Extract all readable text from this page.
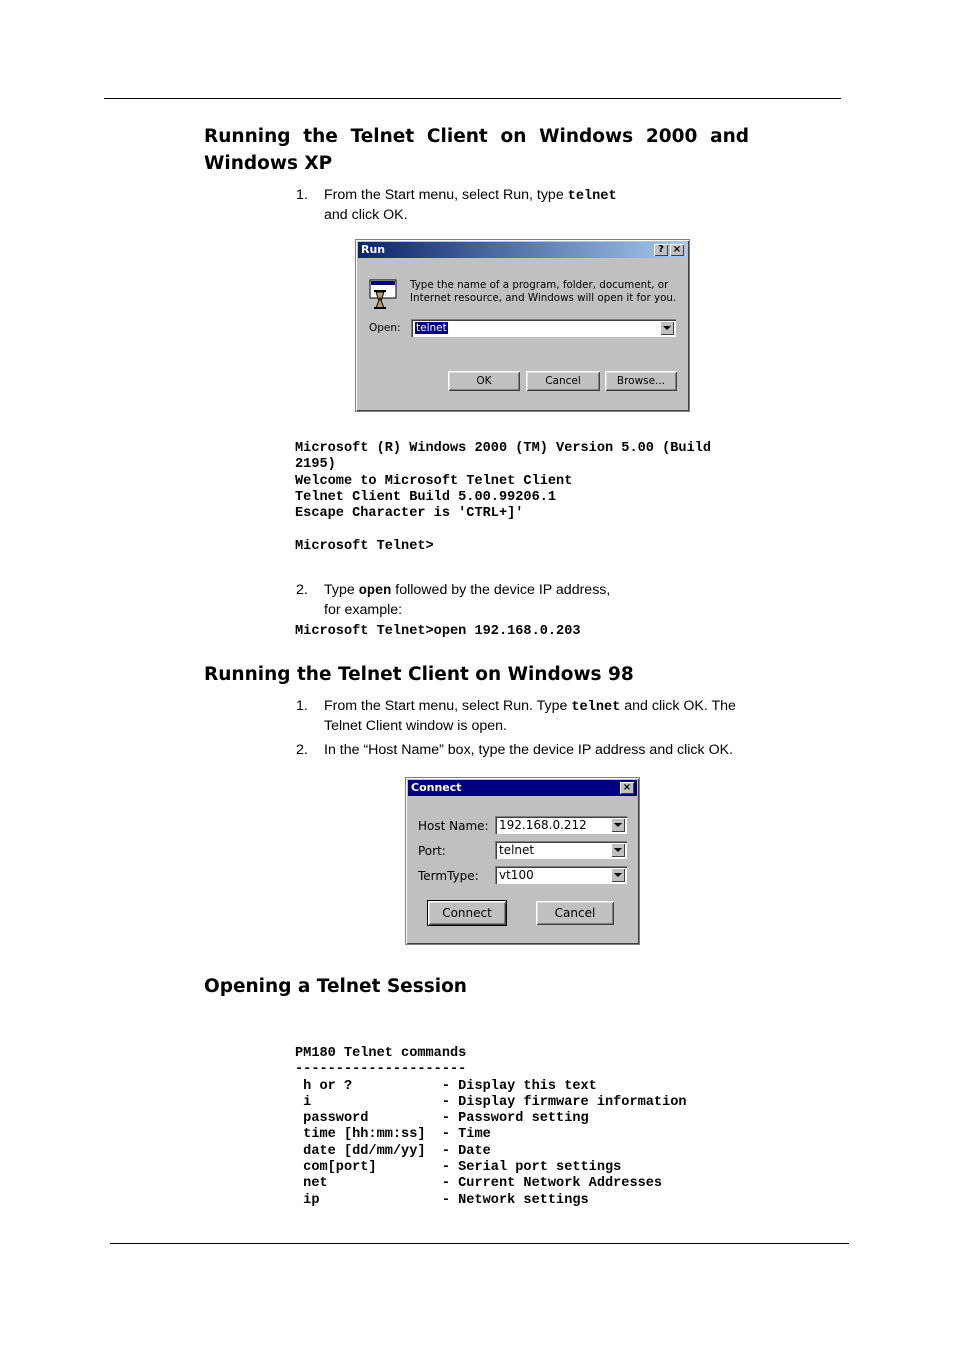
Running the Telnet Client on Windows 2000 and
Windows XP
1. From the Start menu, select Run, type telnet
and click OK.
Run	? ×
Type the name of a program, folder, document, or
Internet resource, and Windows will open it for you.
Open: telnet
OK	Cancel	Browse...
Microsoft (R) Windows 2000 (TM) Version 5.00 (Build
2195)
Welcome to Microsoft Telnet Client
Telnet Client Build 5.00.99206.1
Escape Character is 'CTRL+]'

Microsoft Telnet>
2. Type open followed by the device IP address,
for example:
Microsoft Telnet>open 192.168.0.203
Running the Telnet Client on Windows 98
1. From the Start menu, select Run. Type telnet and click OK. The
Telnet Client window is open.
2. In the “Host Name” box, type the device IP address and click OK.
Connect	×
Host Name: 192.168.0.212
Port:	telnet
TermType: vt100
Connect	Cancel
Opening a Telnet Session
PM180 Telnet commands
---------------------
h or ?           - Display this text
i                - Display firmware information
password         - Password setting
time [hh:mm:ss]  - Time
date [dd/mm/yy]  - Date
com[port]        - Serial port settings
net              - Current Network Addresses
ip               - Network settings
